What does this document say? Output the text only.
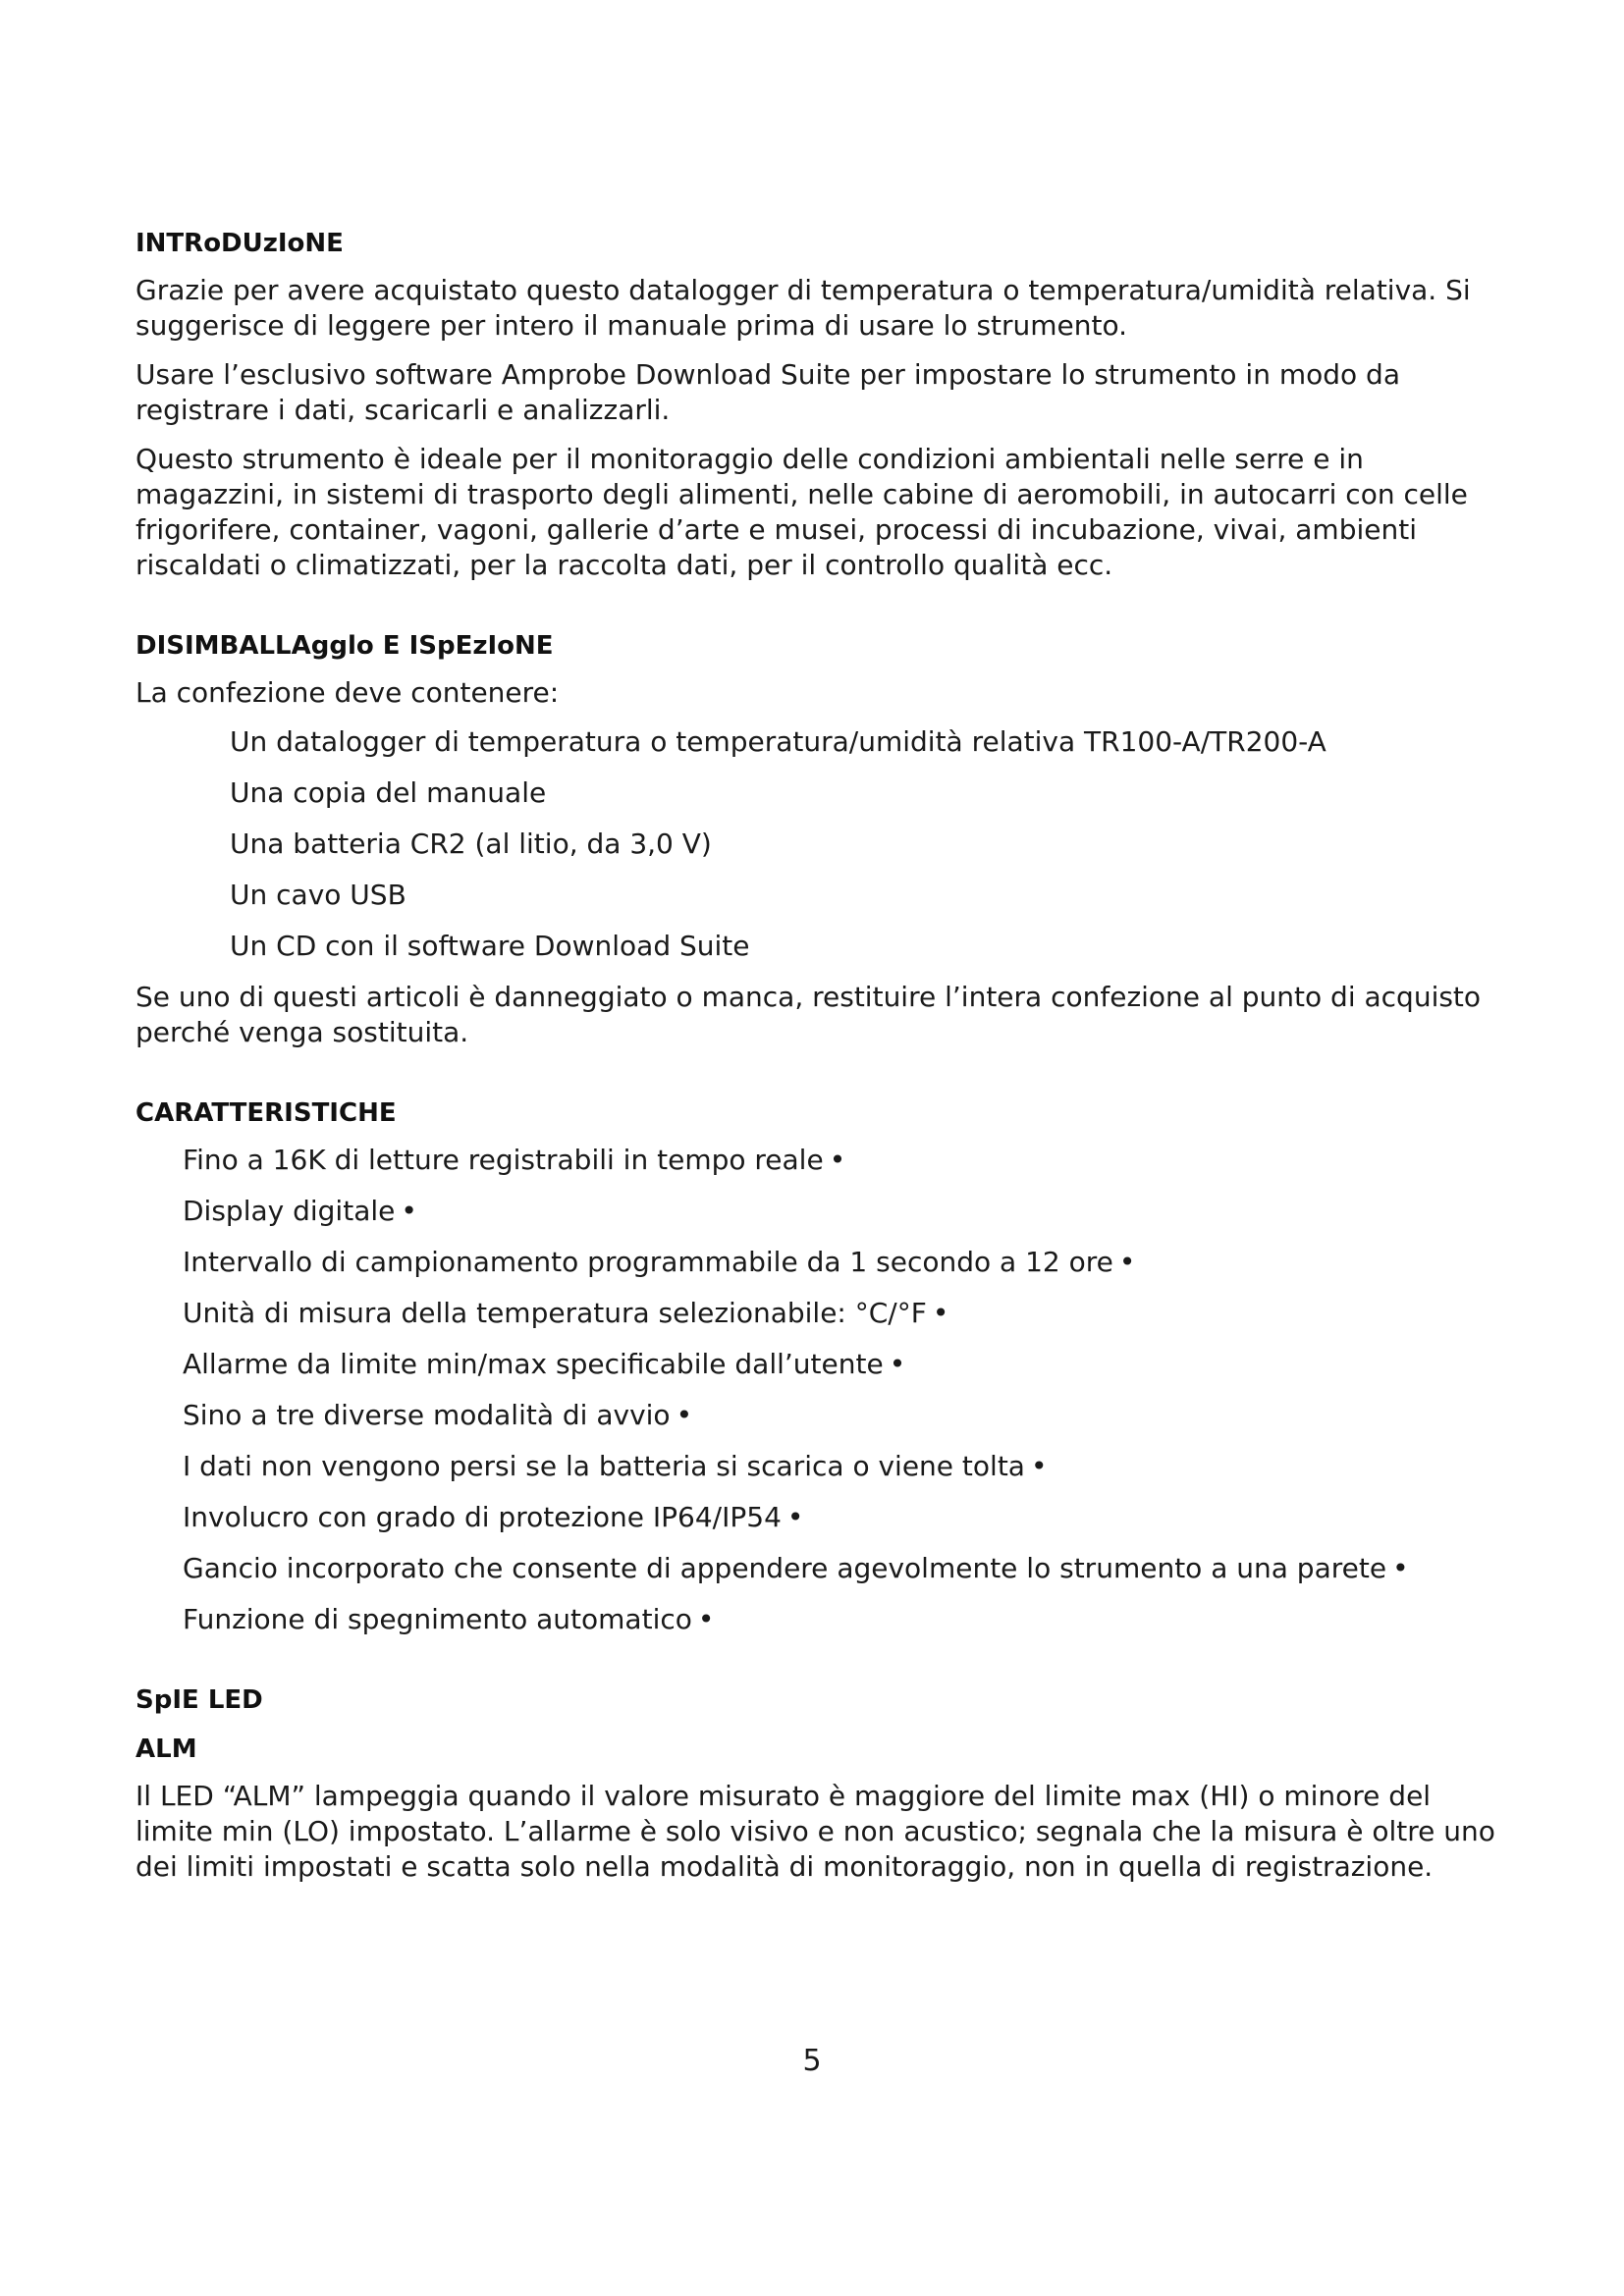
INTRoDUzIoNE

Grazie per avere acquistato questo datalogger di temperatura o temperatura/umidità relativa. Si suggerisce di leggere per intero il manuale prima di usare lo strumento.

Usare l’esclusivo software Amprobe Download Suite per impostare lo strumento in modo da registrare i dati, scaricarli e analizzarli.

Questo strumento è ideale per il monitoraggio delle condizioni ambientali nelle serre e in magazzini, in sistemi di trasporto degli alimenti, nelle cabine di aeromobili, in autocarri con celle frigorifere, container, vagoni, gallerie d’arte e musei, processi di incubazione, vivai, ambienti riscaldati o climatizzati, per la raccolta dati, per il controllo qualità ecc.

DISIMBALLAgglo E ISpEzIoNE

La confezione deve contenere:

Un datalogger di temperatura o temperatura/umidità relativa TR100-A/TR200-A
Una copia del manuale
Una batteria CR2 (al litio, da 3,0 V)
Un cavo USB
Un CD con il software Download Suite

Se uno di questi articoli è danneggiato o manca, restituire l’intera confezione al punto di acquisto perché venga sostituita.

CARATTERISTICHE
Fino a 16K di letture registrabili in tempo reale •
Display digitale •
Intervallo di campionamento programmabile da 1 secondo a 12 ore •
Unità di misura della temperatura selezionabile: °C/°F •
Allarme da limite min/max specificabile dall’utente •
Sino a tre diverse modalità di avvio •
I dati non vengono persi se la batteria si scarica o viene tolta •
Involucro con grado di protezione IP64/IP54 •
Gancio incorporato che consente di appendere agevolmente lo strumento a una parete •
Funzione di spegnimento automatico •
SpIE LED
ALM

Il LED “ALM” lampeggia quando il valore misurato è maggiore del limite max (HI) o minore del limite min (LO) impostato. L’allarme è solo visivo e non acustico; segnala che la misura è oltre uno dei limiti impostati e scatta solo nella modalità di monitoraggio, non in quella di registrazione.

5
